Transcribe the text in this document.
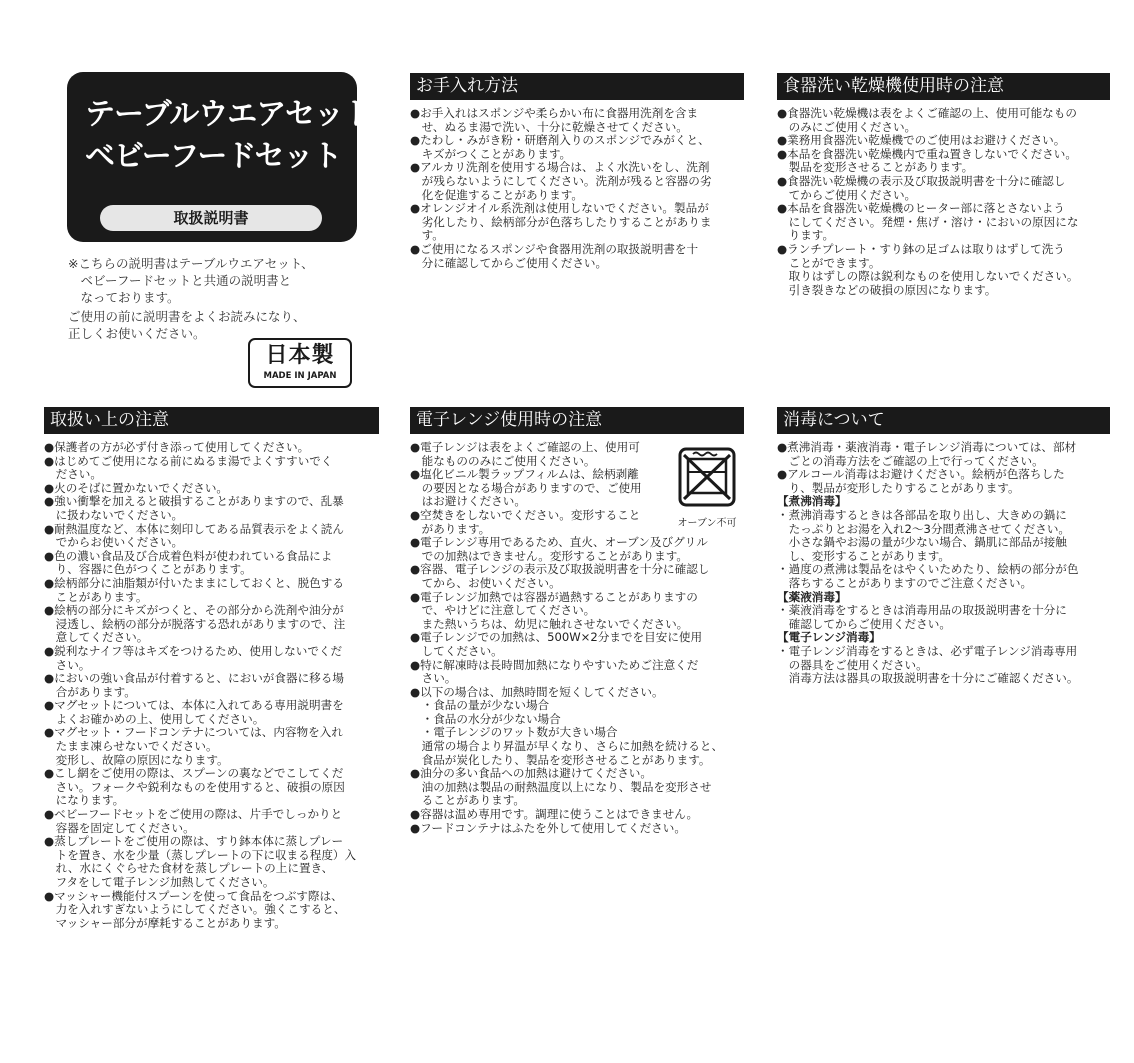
テーブルウエアセット
ベビーフードセット
取扱説明書

※こちらの説明書はテーブルウエアセット、

　ベビーフードセットと共通の説明書と

　なっております。

ご使用の前に説明書をよくお読みになり、

正しくお使いください。

日本製
MADE IN JAPAN
お手入れ方法
●お手入れはスポンジや柔らかい布に食器用洗剤を含ま
　せ、ぬるま湯で洗い、十分に乾燥させてください。
●たわし・みがき粉・研磨剤入りのスポンジでみがくと、
　キズがつくことがあります。
●アルカリ洗剤を使用する場合は、よく水洗いをし、洗剤
　が残らないようにしてください。洗剤が残ると容器の劣
　化を促進することがあります。
●オレンジオイル系洗剤は使用しないでください。製品が
　劣化したり、絵柄部分が色落ちしたりすることがありま
　す。
●ご使用になるスポンジや食器用洗剤の取扱説明書を十
　分に確認してからご使用ください。
食器洗い乾燥機使用時の注意
●食器洗い乾燥機は表をよくご確認の上、使用可能なもの
　のみにご使用ください。
●業務用食器洗い乾燥機でのご使用はお避けください。
●本品を食器洗い乾燥機内で重ね置きしないでください。
　製品を変形させることがあります。
●食器洗い乾燥機の表示及び取扱説明書を十分に確認し
　てからご使用ください。
●本品を食器洗い乾燥機のヒーター部に落とさないよう
　にしてください。発煙・焦げ・溶け・においの原因にな
　ります。
●ランチプレート・すり鉢の足ゴムは取りはずして洗う
　ことができます。
　取りはずしの際は鋭利なものを使用しないでください。
　引き裂きなどの破損の原因になります。
取扱い上の注意
●保護者の方が必ず付き添って使用してください。
●はじめてご使用になる前にぬるま湯でよくすすいでく
　ださい。
●火のそばに置かないでください。
●強い衝撃を加えると破損することがありますので、乱暴
　に扱わないでください。
●耐熱温度など、本体に刻印してある品質表示をよく読ん
　でからお使いください。
●色の濃い食品及び合成着色料が使われている食品によ
　り、容器に色がつくことがあります。
●絵柄部分に油脂類が付いたままにしておくと、脱色する
　ことがあります。
●絵柄の部分にキズがつくと、その部分から洗剤や油分が
　浸透し、絵柄の部分が脱落する恐れがありますので、注
　意してください。
●鋭利なナイフ等はキズをつけるため、使用しないでくだ
　さい。
●においの強い食品が付着すると、においが食器に移る場
　合があります。
●マグセットについては、本体に入れてある専用説明書を
　よくお確かめの上、使用してください。
●マグセット・フードコンテナについては、内容物を入れ
　たまま凍らせないでください。
　変形し、故障の原因になります。
●こし網をご使用の際は、スプーンの裏などでこしてくだ
　さい。フォークや鋭利なものを使用すると、破損の原因
　になります。
●ベビーフードセットをご使用の際は、片手でしっかりと
　容器を固定してください。
●蒸しプレートをご使用の際は、すり鉢本体に蒸しプレー
　トを置き、水を少量（蒸しプレートの下に収まる程度）入
　れ、水にくぐらせた食材を蒸しプレートの上に置き、
　フタをして電子レンジ加熱してください。
●マッシャー機能付スプーンを使って食品をつぶす際は、
　力を入れすぎないようにしてください。強くこすると、
　マッシャー部分が摩耗することがあります。
電子レンジ使用時の注意
●電子レンジは表をよくご確認の上、使用可
　能なもののみにご使用ください。
●塩化ビニル製ラップフィルムは、絵柄剥離
　の要因となる場合がありますので、ご使用
　はお避けください。
●空焚きをしないでください。変形すること
　があります。
●電子レンジ専用であるため、直火、オーブン及びグリル
　での加熱はできません。変形することがあります。
●容器、電子レンジの表示及び取扱説明書を十分に確認し
　てから、お使いください。
●電子レンジ加熱では容器が過熱することがありますの
　で、やけどに注意してください。
　また熱いうちは、幼児に触れさせないでください。
●電子レンジでの加熱は、500W×2分までを目安に使用
　してください。
●特に解凍時は長時間加熱になりやすいためご注意くだ
　さい。
●以下の場合は、加熱時間を短くしてください。
　・食品の量が少ない場合
　・食品の水分が少ない場合
　・電子レンジのワット数が大きい場合
　通常の場合より昇温が早くなり、さらに加熱を続けると、
　食品が炭化したり、製品を変形させることがあります。
●油分の多い食品への加熱は避けてください。
　油の加熱は製品の耐熱温度以上になり、製品を変形させ
　ることがあります。
●容器は温め専用です。調理に使うことはできません。
●フードコンテナはふたを外して使用してください。
オーブン不可
消毒について
●煮沸消毒・薬液消毒・電子レンジ消毒については、部材
　ごとの消毒方法をご確認の上で行ってください。
●アルコール消毒はお避けください。絵柄が色落ちした
　り、製品が変形したりすることがあります。
【煮沸消毒】
・煮沸消毒するときは各部品を取り出し、大きめの鍋に
　たっぷりとお湯を入れ2～3分間煮沸させてください。
　小さな鍋やお湯の量が少ない場合、鍋肌に部品が接触
　し、変形することがあります。
・過度の煮沸は製品をはやくいためたり、絵柄の部分が色
　落ちすることがありますのでご注意ください。
【薬液消毒】
・薬液消毒をするときは消毒用品の取扱説明書を十分に
　確認してからご使用ください。
【電子レンジ消毒】
・電子レンジ消毒をするときは、必ず電子レンジ消毒専用
　の器具をご使用ください。
　消毒方法は器具の取扱説明書を十分にご確認ください。
